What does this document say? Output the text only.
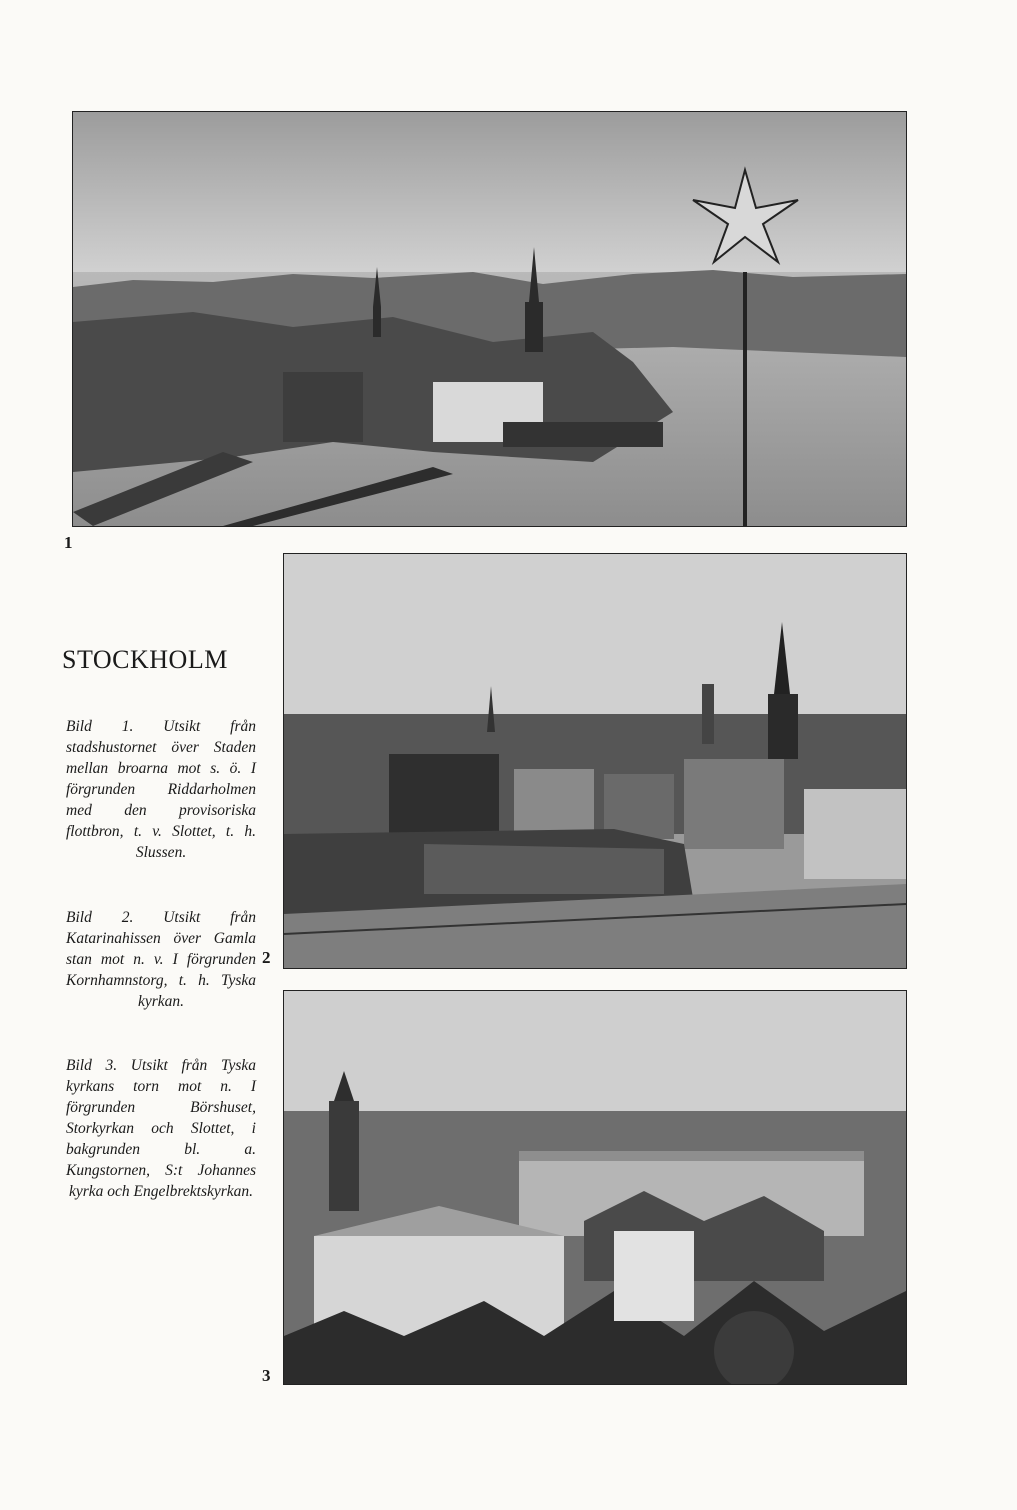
1
STOCKHOLM
Bild 1. Utsikt från stadshustornet över Staden mellan broarna mot s. ö. I förgrunden Riddarholmen med den provisoriska flottbron, t. v. Slottet, t. h. Slussen.
Bild 2. Utsikt från Katarinahissen över Gamla stan mot n. v. I förgrunden Kornhamnstorg, t. h. Tyska kyrkan.
Bild 3. Utsikt från Tyska kyrkans torn mot n. I förgrunden Börshuset, Storkyrkan och Slottet, i bakgrunden bl. a. Kungstornen, S:t Johannes kyrka och Engelbrektskyrkan.
2
3
